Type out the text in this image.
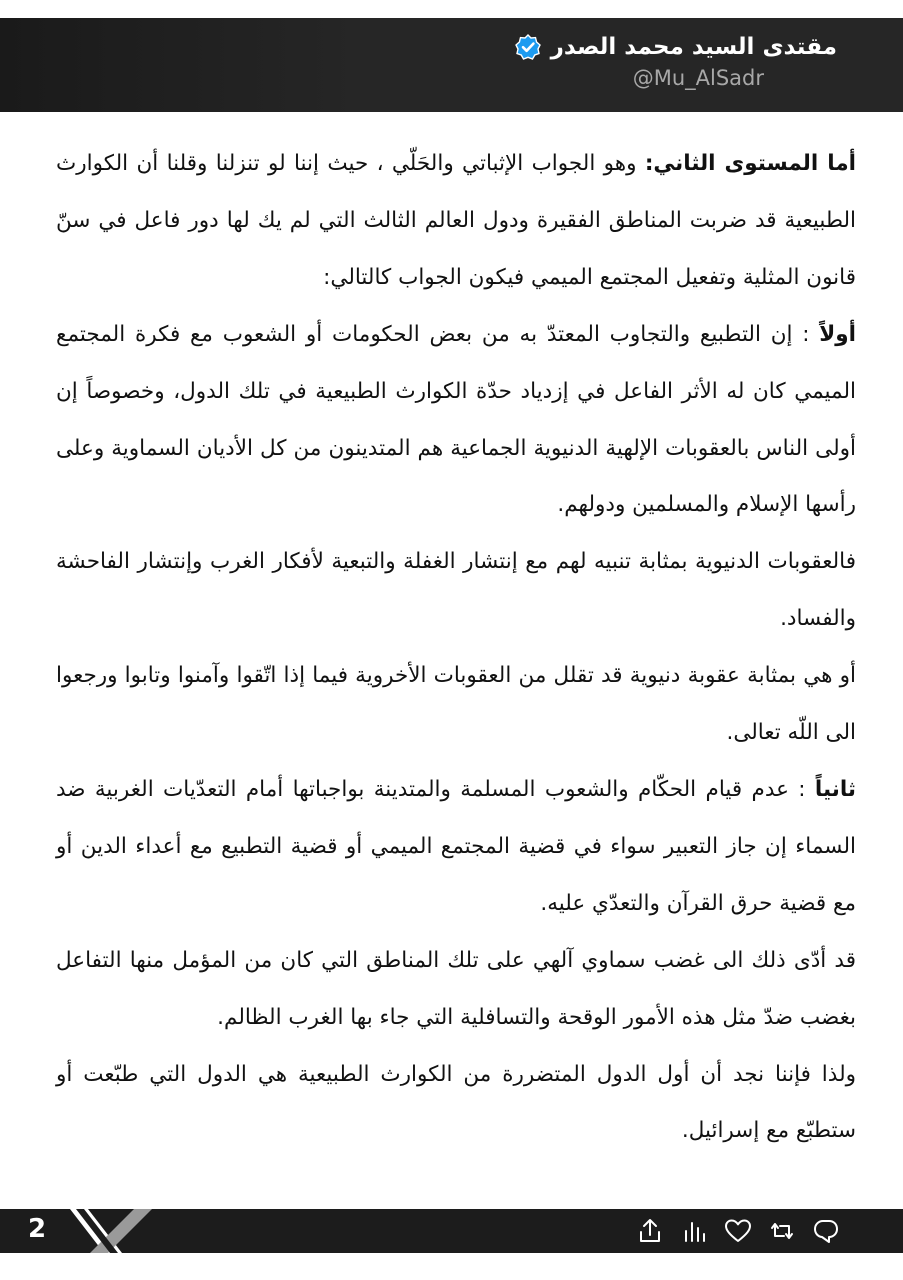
مقتدى السيد محمد الصدر
@Mu_AlSadr

أما المستوى الثاني: وهو الجواب الإثباتي والحَلّي ، حيث إننا لو تنزلنا وقلنا أن الكوارث الطبيعية قد ضربت المناطق الفقيرة ودول العالم الثالث التي لم يك لها دور فاعل في سنّ قانون المثلية وتفعيل المجتمع الميمي فيكون الجواب كالتالي:

أولاً : إن التطبيع والتجاوب المعتدّ به من بعض الحكومات أو الشعوب مع فكرة المجتمع الميمي كان له الأثر الفاعل في إزدياد حدّة الكوارث الطبيعية في تلك الدول، وخصوصاً إن أولى الناس بالعقوبات الإلهية الدنيوية الجماعية هم المتدينون من كل الأديان السماوية وعلى رأسها الإسلام والمسلمين ودولهم.

فالعقوبات الدنيوية بمثابة تنبيه لهم مع إنتشار الغفلة والتبعية لأفكار الغرب وإنتشار الفاحشة والفساد.

أو هي بمثابة عقوبة دنيوية قد تقلل من العقوبات الأخروية فيما إذا اتّقوا وآمنوا وتابوا ورجعوا الى اللّه تعالى.

ثانياً : عدم قيام الحكّام والشعوب المسلمة والمتدينة بواجباتها أمام التعدّيات الغربية ضد السماء إن جاز التعبير سواء في قضية المجتمع الميمي أو قضية التطبيع مع أعداء الدين أو مع قضية حرق القرآن والتعدّي عليه.

قد أدّى ذلك الى غضب سماوي آلهي على تلك المناطق التي كان من المؤمل منها التفاعل بغضب ضدّ مثل هذه الأمور الوقحة والتسافلية التي جاء بها الغرب الظالم.

ولذا فإننا نجد أن أول الدول المتضررة من الكوارث الطبيعية هي الدول التي طبّعت أو ستطبّع مع إسرائيل.

2
